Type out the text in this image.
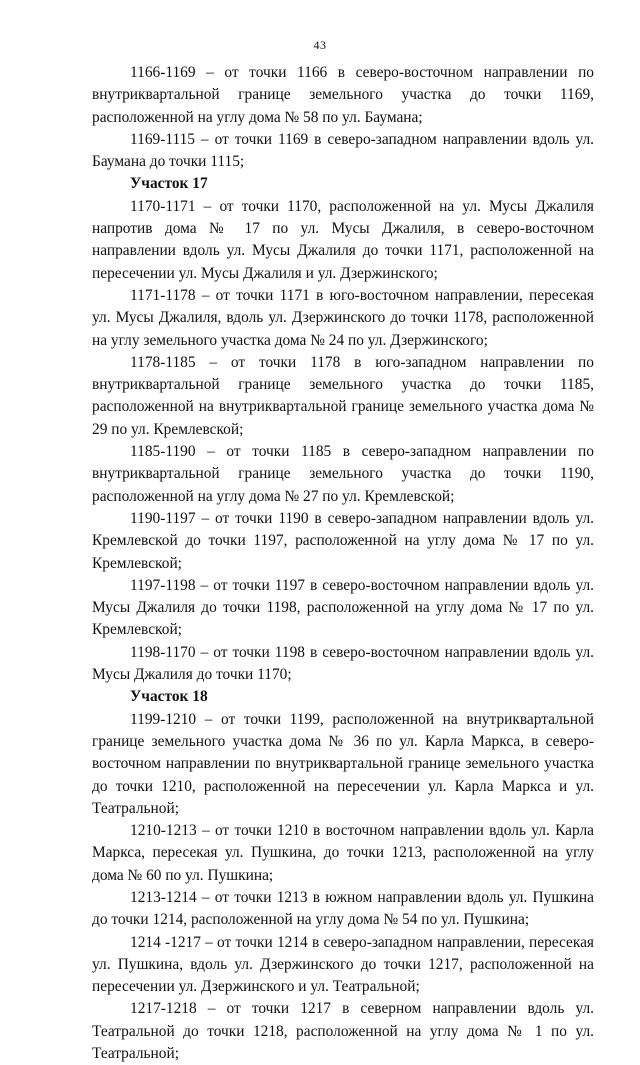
43

1166-1169 – от точки 1166 в северо-восточном направлении по внутриквартальной границе земельного участка до точки 1169, расположенной на углу дома № 58 по ул. Баумана;

1169-1115 – от точки 1169 в северо-западном направлении вдоль ул. Баумана до точки 1115;

Участок 17

1170-1171 – от точки 1170, расположенной на ул. Мусы Джалиля напротив дома № 17 по ул. Мусы Джалиля, в северо-восточном направлении вдоль ул. Мусы Джалиля до точки 1171, расположенной на пересечении ул. Мусы Джалиля и ул. Дзержинского;

1171-1178 – от точки 1171 в юго-восточном направлении, пересекая ул. Мусы Джалиля, вдоль ул. Дзержинского до точки 1178, расположенной на углу земельного участка дома № 24 по ул. Дзержинского;

1178-1185 – от точки 1178 в юго-западном направлении по внутриквартальной границе земельного участка до точки 1185, расположенной на внутриквартальной границе земельного участка дома № 29 по ул. Кремлевской;

1185-1190 – от точки 1185 в северо-западном направлении по внутриквартальной границе земельного участка до точки 1190, расположенной на углу дома № 27 по ул. Кремлевской;

1190-1197 – от точки 1190 в северо-западном направлении вдоль ул. Кремлевской до точки 1197, расположенной на углу дома № 17 по ул. Кремлевской;

1197-1198 – от точки 1197 в северо-восточном направлении вдоль ул. Мусы Джалиля до точки 1198, расположенной на углу дома № 17 по ул. Кремлевской;

1198-1170 – от точки 1198 в северо-восточном направлении вдоль ул. Мусы Джалиля до точки 1170;

Участок 18

1199-1210 – от точки 1199, расположенной на внутриквартальной границе земельного участка дома № 36 по ул. Карла Маркса, в северо-восточном направлении по внутриквартальной границе земельного участка до точки 1210, расположенной на пересечении ул. Карла Маркса и ул. Театральной;

1210-1213 – от точки 1210 в восточном направлении вдоль ул. Карла Маркса, пересекая ул. Пушкина, до точки 1213, расположенной на углу дома № 60 по ул. Пушкина;

1213-1214 – от точки 1213 в южном направлении вдоль ул. Пушкина до точки 1214, расположенной на углу дома № 54 по ул. Пушкина;

1214 -1217 – от точки 1214 в северо-западном направлении, пересекая ул. Пушкина, вдоль ул. Дзержинского до точки 1217, расположенной на пересечении ул. Дзержинского и ул. Театральной;

1217-1218 – от точки 1217 в северном направлении вдоль ул. Театральной до точки 1218, расположенной на углу дома № 1 по ул. Театральной;
